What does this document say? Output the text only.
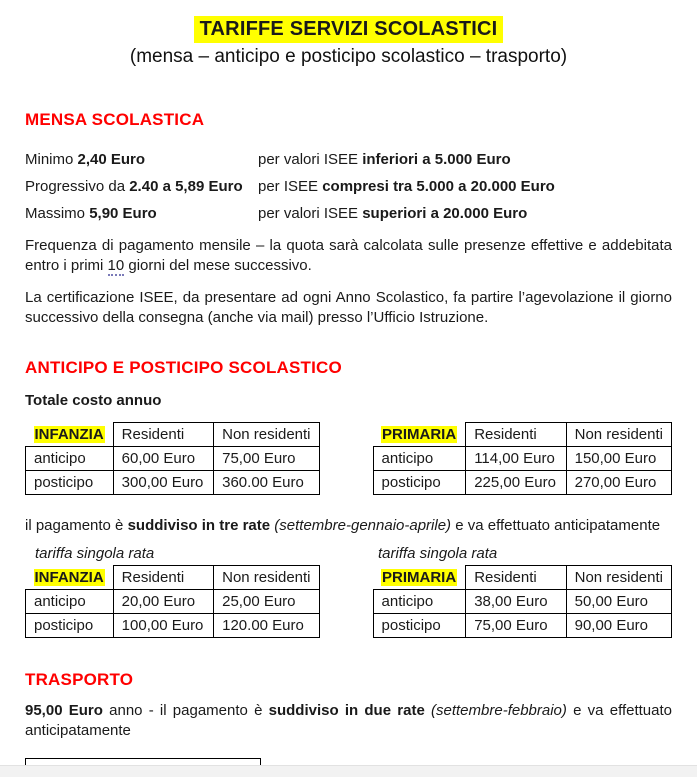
TARIFFE SERVIZI SCOLASTICI
(mensa – anticipo e posticipo scolastico – trasporto)
MENSA SCOLASTICA
Minimo 2,40 Euro	per valori ISEE inferiori a 5.000 Euro
Progressivo da 2.40 a 5,89 Euro	per ISEE compresi tra 5.000 a 20.000 Euro
Massimo 5,90 Euro	per valori ISEE superiori a 20.000 Euro
Frequenza di pagamento mensile – la quota sarà calcolata sulle presenze effettive e addebitata entro i primi 10 giorni del mese successivo.
La certificazione ISEE, da presentare ad ogni Anno Scolastico, fa partire l’agevolazione il giorno successivo della consegna (anche via mail) presso l’Ufficio Istruzione.
ANTICIPO E POSTICIPO SCOLASTICO
Totale costo annuo
INFANZIA	Residenti	Non residenti
anticipo	60,00 Euro	75,00 Euro
posticipo	300,00 Euro	360.00 Euro
PRIMARIA	Residenti	Non residenti
anticipo	114,00 Euro	150,00 Euro
posticipo	225,00 Euro	270,00 Euro
il pagamento è suddiviso in tre rate (settembre-gennaio-aprile) e va effettuato anticipatamente
tariffa singola rata	tariffa singola rata
INFANZIA	Residenti	Non residenti
anticipo	20,00 Euro	25,00 Euro
posticipo	100,00 Euro	120.00 Euro
PRIMARIA	Residenti	Non residenti
anticipo	38,00 Euro	50,00 Euro
posticipo	75,00 Euro	90,00 Euro
TRASPORTO
95,00 Euro anno - il pagamento è suddiviso in due rate (settembre-febbraio) e va effettuato anticipatamente
